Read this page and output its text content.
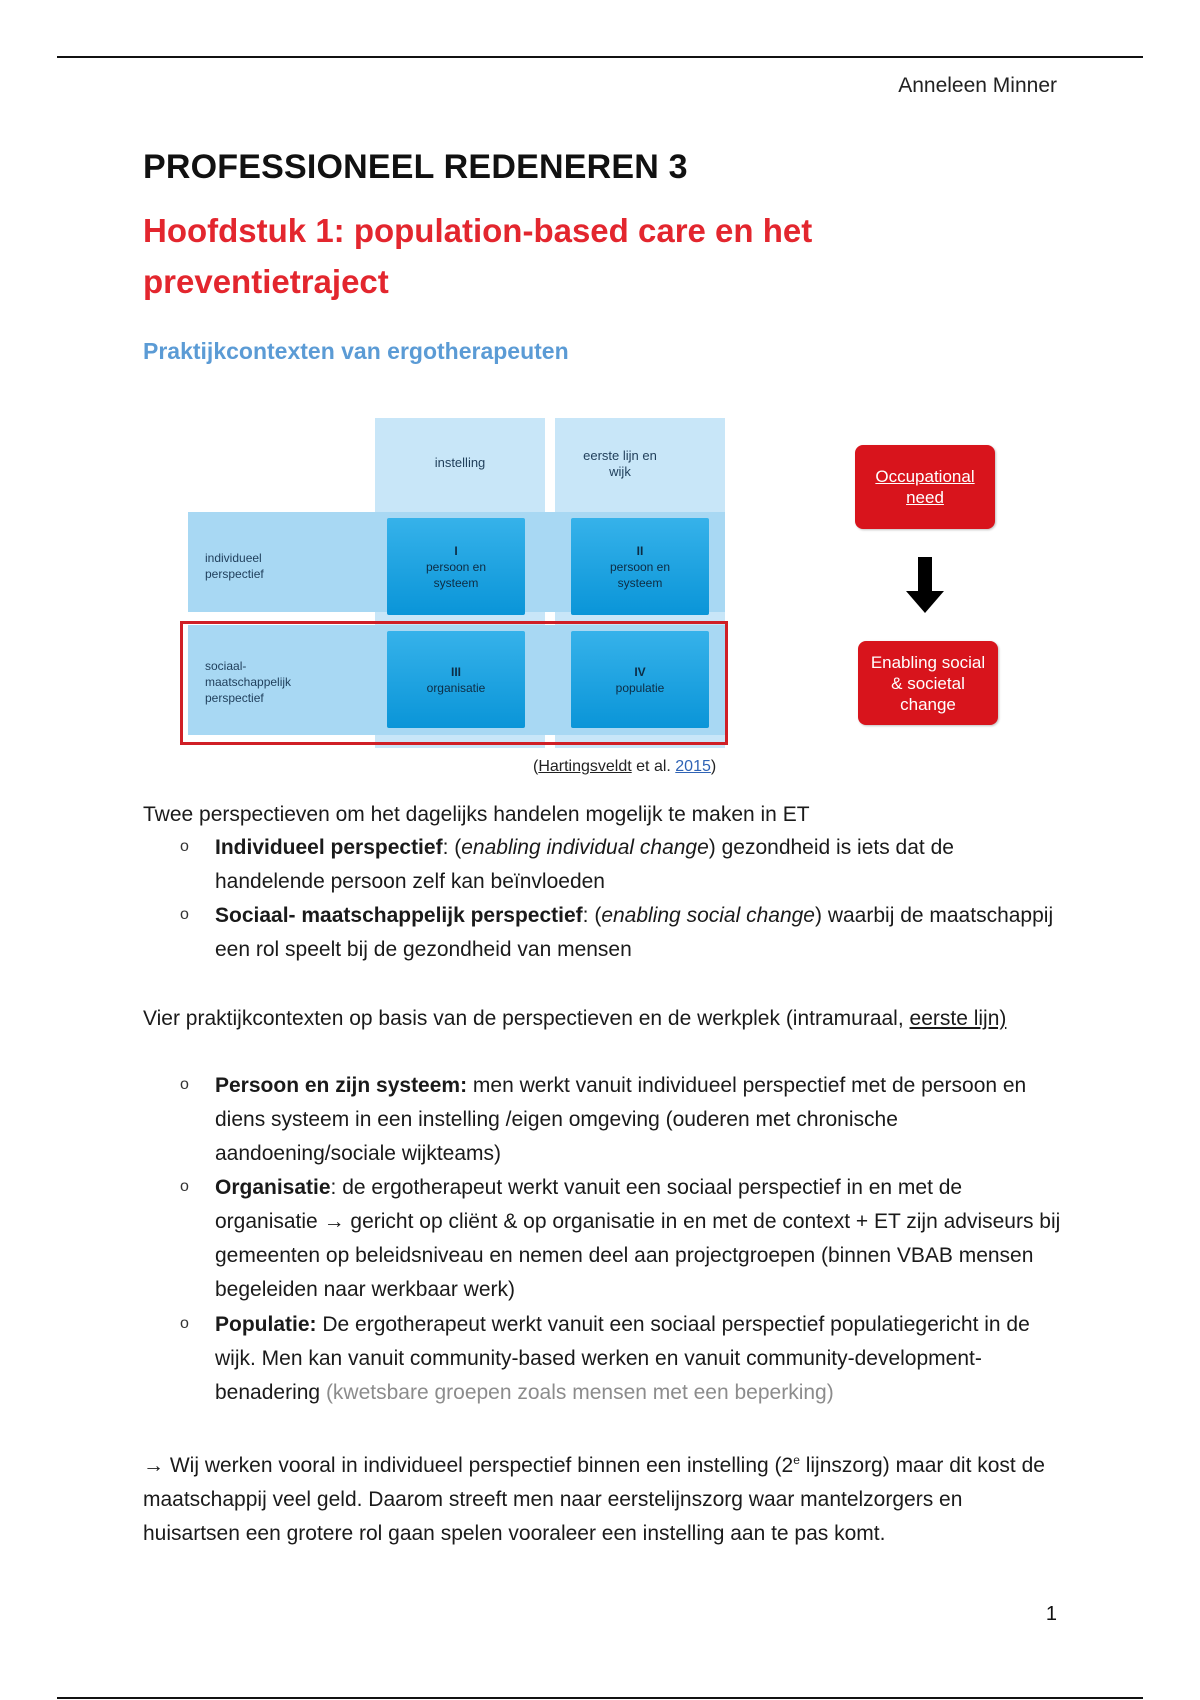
Anneleen Minner
PROFESSIONEEL REDENEREN 3
Hoofdstuk 1: population-based care en het preventietraject
Praktijkcontexten van ergotherapeuten
instelling	eerste lijn en wijk
individueel perspectief
sociaal-maatschappelijk perspectief
I
persoon en systeem
II
persoon en systeem
III
organisatie
IV
populatie
Occupational need
Enabling social & societal change
(Hartingsveldt et al. 2015)
Twee perspectieven om het dagelijks handelen mogelijk te maken in ET
o Individueel perspectief: (enabling individual change) gezondheid is iets dat de handelende persoon zelf kan beïnvloeden
o Sociaal- maatschappelijk perspectief: (enabling social change) waarbij de maatschappij een rol speelt bij de gezondheid van mensen
Vier praktijkcontexten op basis van de perspectieven en de werkplek (intramuraal, eerste lijn)
o Persoon en zijn systeem: men werkt vanuit individueel perspectief met de persoon en diens systeem in een instelling /eigen omgeving (ouderen met chronische aandoening/sociale wijkteams)
o Organisatie: de ergotherapeut werkt vanuit een sociaal perspectief in en met de organisatie → gericht op cliënt & op organisatie in en met de context + ET zijn adviseurs bij gemeenten op beleidsniveau en nemen deel aan projectgroepen (binnen VBAB mensen begeleiden naar werkbaar werk)
o Populatie: De ergotherapeut werkt vanuit een sociaal perspectief populatiegericht in de wijk. Men kan vanuit community-based werken en vanuit community-development- benadering (kwetsbare groepen zoals mensen met een beperking)
→ Wij werken vooral in individueel perspectief binnen een instelling (2e lijnszorg) maar dit kost de maatschappij veel geld. Daarom streeft men naar eerstelijnszorg waar mantelzorgers en huisartsen een grotere rol gaan spelen vooraleer een instelling aan te pas komt.
1
